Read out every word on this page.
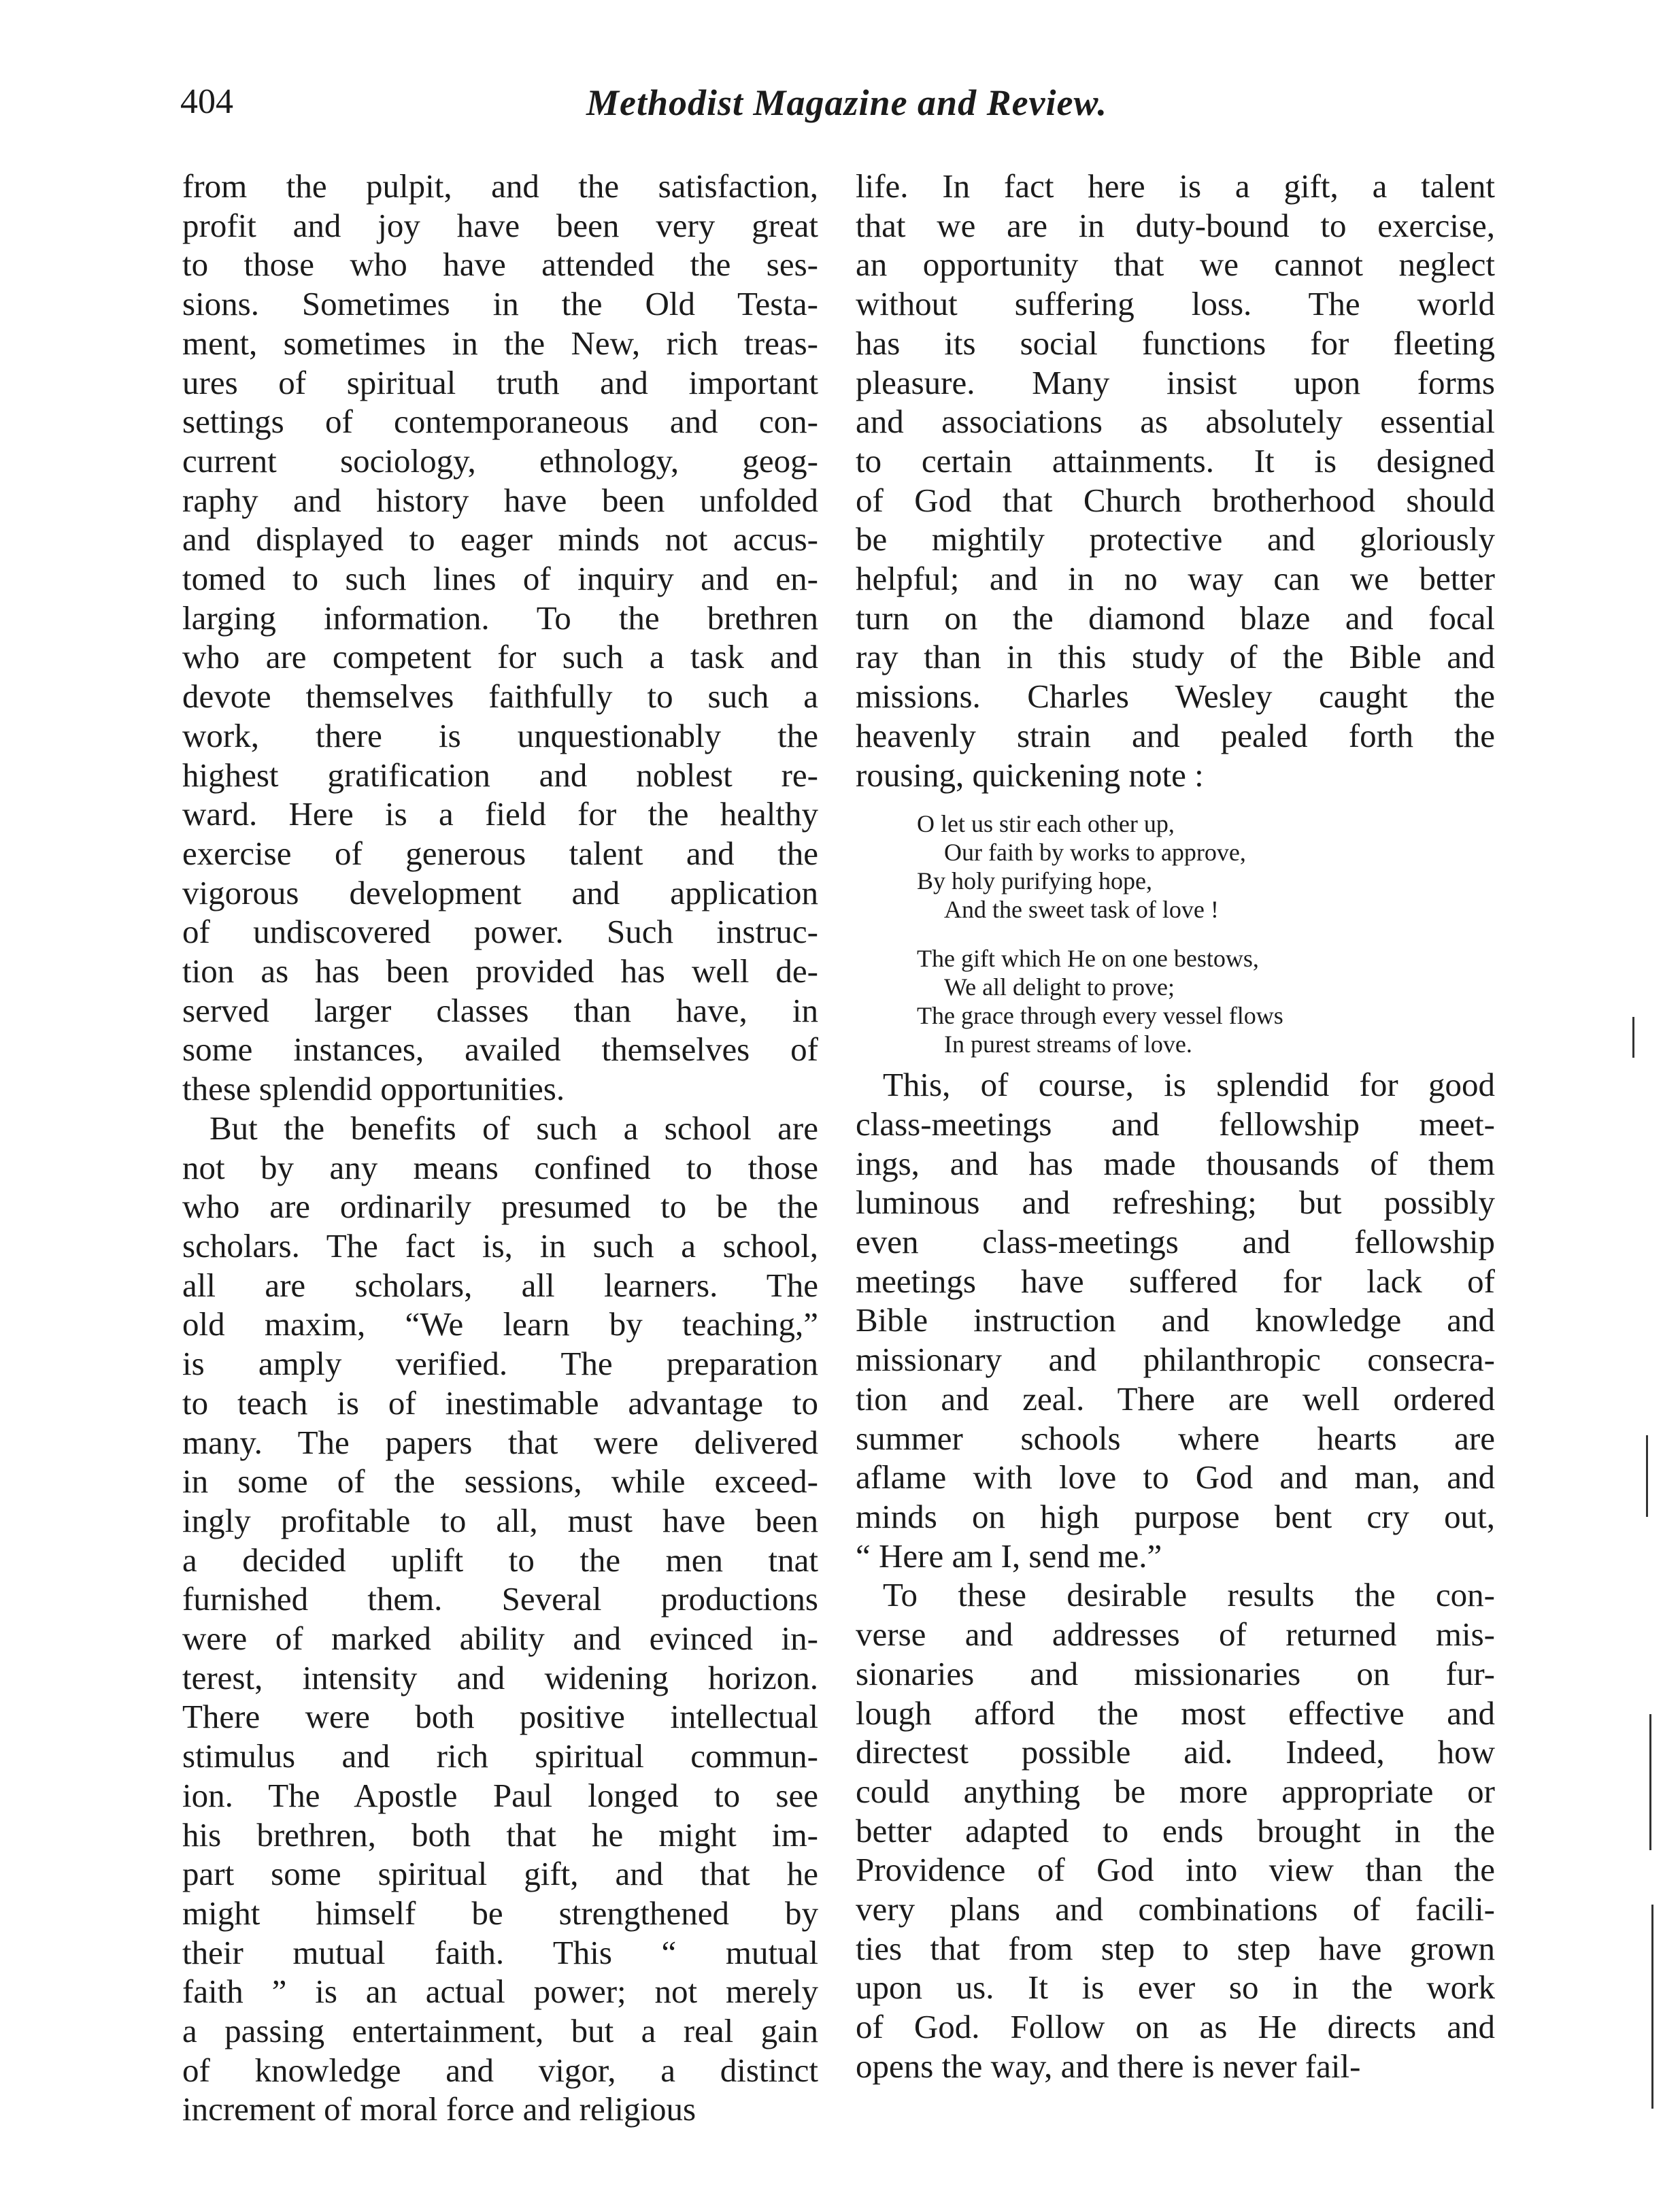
404	Methodist Magazine and Review.
from the pulpit, and the satisfaction,
profit and joy have been very great
to those who have attended the ses-
sions. Sometimes in the Old Testa-
ment, sometimes in the New, rich treas-
ures of spiritual truth and important
settings of contemporaneous and con-
current sociology, ethnology, geog-
raphy and history have been unfolded
and displayed to eager minds not accus-
tomed to such lines of inquiry and en-
larging information. To the brethren
who are competent for such a task and
devote themselves faithfully to such a
work, there is unquestionably the
highest gratification and noblest re-
ward. Here is a field for the healthy
exercise of generous talent and the
vigorous development and application
of undiscovered power. Such instruc-
tion as has been provided has well de-
served larger classes than have, in
some instances, availed themselves of
these splendid opportunities.
But the benefits of such a school are
not by any means confined to those
who are ordinarily presumed to be the
scholars. The fact is, in such a school,
all are scholars, all learners. The
old maxim, “We learn by teaching,”
is amply verified. The preparation
to teach is of inestimable advantage to
many. The papers that were delivered
in some of the sessions, while exceed-
ingly profitable to all, must have been
a decided uplift to the men tnat
furnished them. Several productions
were of marked ability and evinced in-
terest, intensity and widening horizon.
There were both positive intellectual
stimulus and rich spiritual commun-
ion. The Apostle Paul longed to see
his brethren, both that he might im-
part some spiritual gift, and that he
might himself be strengthened by
their mutual faith. This “ mutual
faith ” is an actual power; not merely
a passing entertainment, but a real gain
of knowledge and vigor, a distinct
increment of moral force and religious
life. In fact here is a gift, a talent
that we are in duty-bound to exercise,
an opportunity that we cannot neglect
without suffering loss. The world
has its social functions for fleeting
pleasure. Many insist upon forms
and associations as absolutely essential
to certain attainments. It is designed
of God that Church brotherhood should
be mightily protective and gloriously
helpful; and in no way can we better
turn on the diamond blaze and focal
ray than in this study of the Bible and
missions. Charles Wesley caught the
heavenly strain and pealed forth the
rousing, quickening note :
O let us stir each other up,
Our faith by works to approve,
By holy purifying hope,
And the sweet task of love !
The gift which He on one bestows,
We all delight to prove;
The grace through every vessel flows
In purest streams of love.
This, of course, is splendid for good
class-meetings and fellowship meet-
ings, and has made thousands of them
luminous and refreshing; but possibly
even class-meetings and fellowship
meetings have suffered for lack of
Bible instruction and knowledge and
missionary and philanthropic consecra-
tion and zeal. There are well ordered
summer schools where hearts are
aflame with love to God and man, and
minds on high purpose bent cry out,
“ Here am I, send me.”
To these desirable results the con-
verse and addresses of returned mis-
sionaries and missionaries on fur-
lough afford the most effective and
directest possible aid. Indeed, how
could anything be more appropriate or
better adapted to ends brought in the
Providence of God into view than the
very plans and combinations of facili-
ties that from step to step have grown
upon us. It is ever so in the work
of God. Follow on as He directs and
opens the way, and there is never fail-
